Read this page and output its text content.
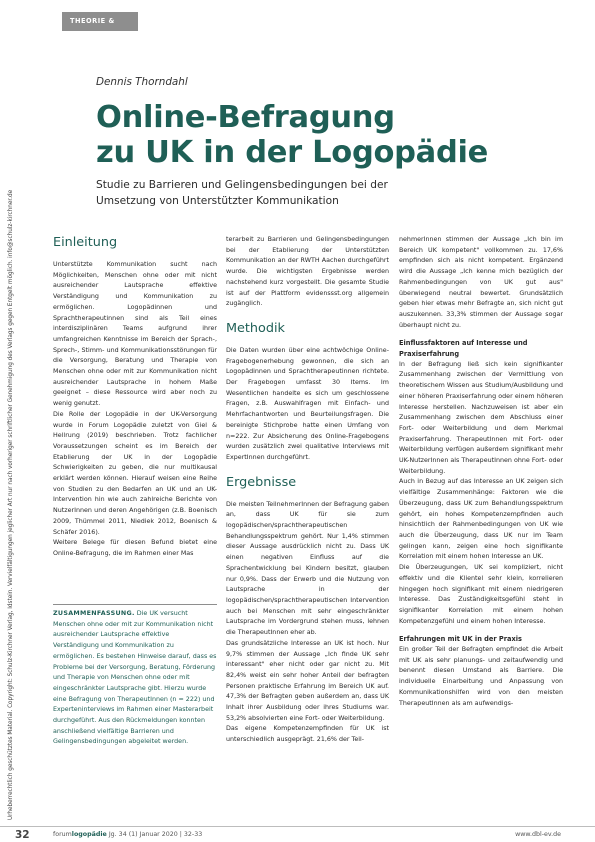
THEORIE & PRAXIS
Urheberrechtlich geschütztes Material. Copyright: Schulz-Kirchner Verlag, Idstein. Vervielfältigungen jeglicher Art nur nach vorheriger schriftlicher Genehmigung des Verlags gegen Entgelt möglich. info@schulz-kirchner.de
Dennis Thorndahl
Online-Befragung
zu UK in der Logopädie
Studie zu Barrieren und Gelingensbedingungen bei der Umsetzung von Unterstützter Kommunikation
Einleitung

Unterstützte Kommunikation sucht nach Möglichkeiten, Menschen ohne oder mit nicht ausreichender Lautsprache effektive Verständigung und Kommunikation zu ermöglichen. Logopädinnen und Sprachtherapeutinnen sind als Teil eines interdisziplinären Teams aufgrund ihrer umfangreichen Kenntnisse im Bereich der Sprach-, Sprech-, Stimm- und Kommunikationsstörungen für die Versorgung, Beratung und Therapie von Menschen ohne oder mit zur Kommunikation nicht ausreichender Lautsprache in hohem Maße geeignet – diese Ressource wird aber noch zu wenig genutzt.

Die Rolle der Logopädie in der UK-Versorgung wurde in Forum Logopädie zuletzt von Giel & Hellrung (2019) beschrieben. Trotz fachlicher Voraussetzungen scheint es im Bereich der Etablierung der UK in der Logopädie Schwierigkeiten zu geben, die nur multikausal erklärt werden können. Hierauf weisen eine Reihe von Studien zu den Bedarfen an UK und an UK-Intervention hin wie auch zahlreiche Berichte von NutzerInnen und deren Angehörigen (z.B. Boenisch 2009, Thümmel 2011, Niediek 2012, Boenisch & Schäfer 2016).

Weitere Belege für diesen Befund bietet eine Online-Befragung, die im Rahmen einer Mas

ZUSAMMENFASSUNG. Die UK versucht Menschen ohne oder mit zur Kommunikation nicht ausreichender Lautsprache effektive Verständigung und Kommunikation zu ermöglichen. Es bestehen Hinweise darauf, dass es Probleme bei der Versorgung, Beratung, Förderung und Therapie von Menschen ohne oder mit eingeschränkter Lautsprache gibt. Hierzu wurde eine Befragung von TherapeutInnen (n = 222) und Experteninterviews im Rahmen einer Masterarbeit durchgeführt. Aus den Rückmeldungen konnten anschließend vielfältige Barrieren und Gelingensbedingungen abgeleitet werden.

terarbeit zu Barrieren und Gelingensbedingungen bei der Etablierung der Unterstützten Kommunikation an der RWTH Aachen durchgeführt wurde. Die wichtigsten Ergebnisse werden nachstehend kurz vorgestellt. Die gesamte Studie ist auf der Plattform evidenssst.org allgemein zugänglich.

Methodik

Die Daten wurden über eine achtwöchige Online-Fragebogenerhebung gewonnen, die sich an Logopädinnen und Sprachtherapeutinnen richtete. Der Fragebogen umfasst 30 Items. Im Wesentlichen handelte es sich um geschlossene Fragen, z.B. Auswahlfragen mit Einfach- und Mehrfachantworten und Beurteilungsfragen. Die bereinigte Stichprobe hatte einen Umfang von n=222. Zur Absicherung des Online-Fragebogens wurden zusätzlich zwei qualitative Interviews mit ExpertInnen durchgeführt.

Ergebnisse

Die meisten TeilnehmerInnen der Befragung gaben an, dass UK für sie zum logopädischen/sprachtherapeutischen Behandlungsspektrum gehört. Nur 1,4% stimmen dieser Aussage ausdrücklich nicht zu. Dass UK einen negativen Einfluss auf die Sprachentwicklung bei Kindern besitzt, glauben nur 0,9%. Dass der Erwerb und die Nutzung von Lautsprache in der logopädischen/sprachtherapeutischen Intervention auch bei Menschen mit sehr eingeschränkter Lautsprache im Vordergrund stehen muss, lehnen die TherapeutInnen eher ab.

Das grundsätzliche Interesse an UK ist hoch. Nur 9,7% stimmen der Aussage „Ich finde UK sehr interessant" eher nicht oder gar nicht zu. Mit 82,4% weist ein sehr hoher Anteil der befragten Personen praktische Erfahrung im Bereich UK auf. 47,3% der Befragten geben außerdem an, dass UK Inhalt ihrer Ausbildung oder ihres Studiums war. 53,2% absolvierten eine Fort- oder Weiterbildung.

Das eigene Kompetenzempfinden für UK ist unterschiedlich ausgeprägt. 21,6% der Teil-

nehmerInnen stimmen der Aussage „Ich bin im Bereich UK kompetent" vollkommen zu. 17,6% empfinden sich als nicht kompetent. Ergänzend wird die Aussage „Ich kenne mich bezüglich der Rahmenbedingungen von UK gut aus" überwiegend neutral bewertet. Grundsätzlich geben hier etwas mehr Befragte an, sich nicht gut auszukennen. 33,3% stimmen der Aussage sogar überhaupt nicht zu.

Einflussfaktoren auf Interesse und Praxiserfahrung

In der Befragung ließ sich kein signifikanter Zusammenhang zwischen der Vermittlung von theoretischem Wissen aus Studium/Ausbildung und einer höheren Praxiserfahrung oder einem höheren Interesse herstellen. Nachzuweisen ist aber ein Zusammenhang zwischen dem Abschluss einer Fort- oder Weiterbildung und dem Merkmal Praxiserfahrung. TherapeutInnen mit Fort- oder Weiterbildung verfügen außerdem signifikant mehr UK-NutzerInnen als TherapeutInnen ohne Fort- oder Weiterbildung.

Auch in Bezug auf das Interesse an UK zeigen sich vielfältige Zusammenhänge: Faktoren wie die Überzeugung, dass UK zum Behandlungsspektrum gehört, ein hohes Kompetenzempfinden auch hinsichtlich der Rahmenbedingungen von UK wie auch die Überzeugung, dass UK nur im Team gelingen kann, zeigen eine hoch signifikante Korrelation mit einem hohen Interesse an UK.

Die Überzeugungen, UK sei kompliziert, nicht effektiv und die Klientel sehr klein, korrelieren hingegen hoch signifikant mit einem niedrigeren Interesse. Das Zuständigkeitsgefühl steht in signifikanter Korrelation mit einem hohen Kompetenzgefühl und einem hohen Interesse.

Erfahrungen mit UK in der Praxis

Ein großer Teil der Befragten empfindet die Arbeit mit UK als sehr planungs- und zeitaufwendig und benennt diesen Umstand als Barriere. Die individuelle Einarbeitung und Anpassung von Kommunikationshilfen wird von den meisten TherapeutInnen als am aufwendigs-

32	forumlogopädie Jg. 34 (1) Januar 2020 | 32-33	www.dbl-ev.de
